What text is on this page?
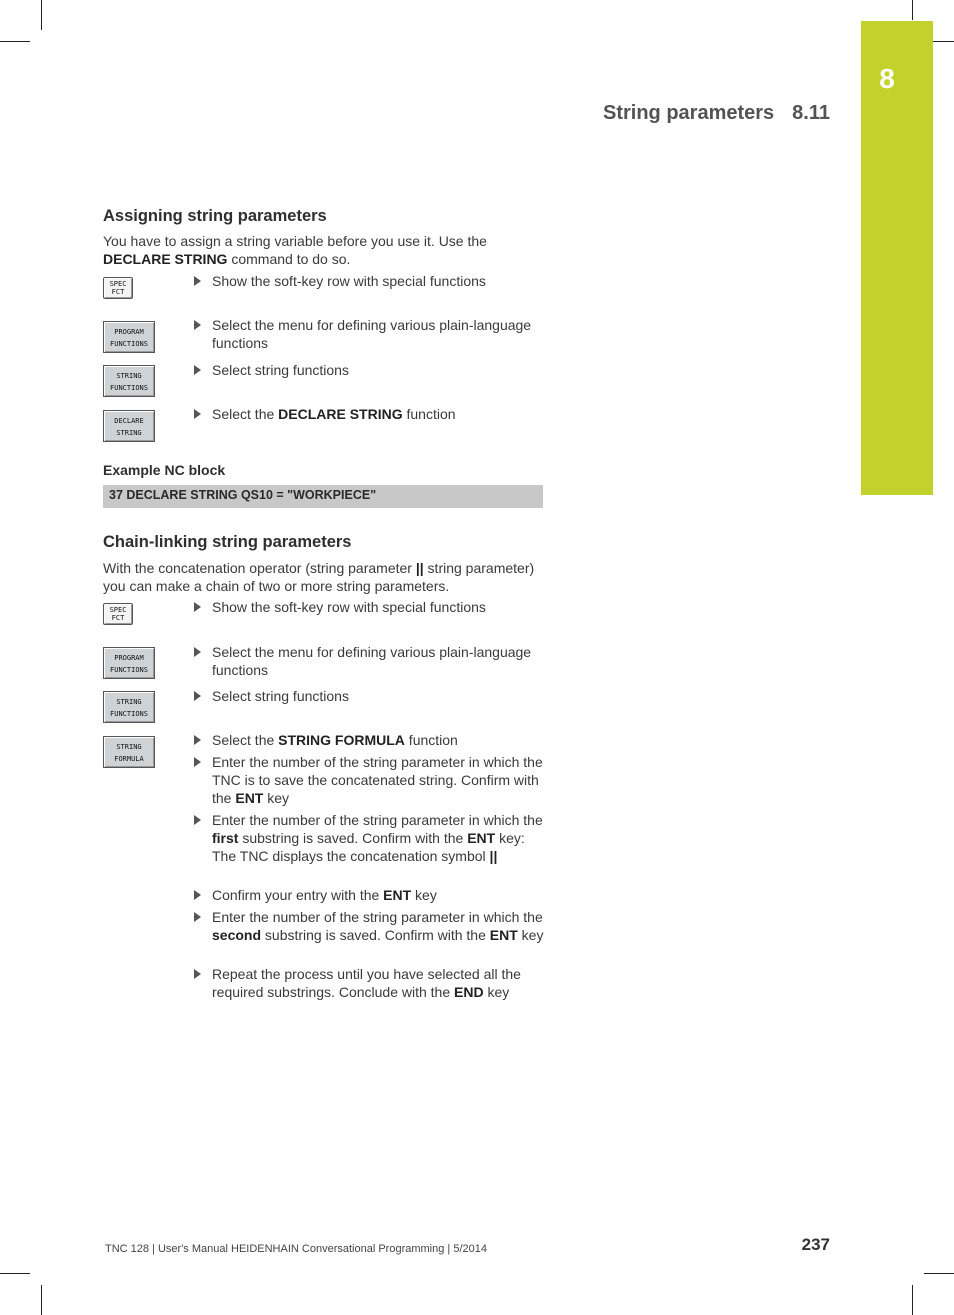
8
String parameters 8.11
Assigning string parameters
You have to assign a string variable before you use it. Use the DECLARE STRING command to do so.
SPEC
FCT
Show the soft-key row with special functions
PROGRAM
FUNCTIONS
Select the menu for defining various plain-language functions
STRING
FUNCTIONS
Select string functions
DECLARE
STRING
Select the DECLARE STRING function
Example NC block
37 DECLARE STRING QS10 = "WORKPIECE"
Chain-linking string parameters
With the concatenation operator (string parameter || string parameter) you can make a chain of two or more string parameters.
SPEC
FCT
Show the soft-key row with special functions
PROGRAM
FUNCTIONS
Select the menu for defining various plain-language functions
STRING
FUNCTIONS
Select string functions
STRING
FORMULA
Select the STRING FORMULA function
Enter the number of the string parameter in which the TNC is to save the concatenated string. Confirm with the ENT key
Enter the number of the string parameter in which the first substring is saved. Confirm with the ENT key: The TNC displays the concatenation symbol ||
Confirm your entry with the ENT key
Enter the number of the string parameter in which the second substring is saved. Confirm with the ENT key
Repeat the process until you have selected all the required substrings. Conclude with the END key
TNC 128 | User's Manual HEIDENHAIN Conversational Programming | 5/2014	237
